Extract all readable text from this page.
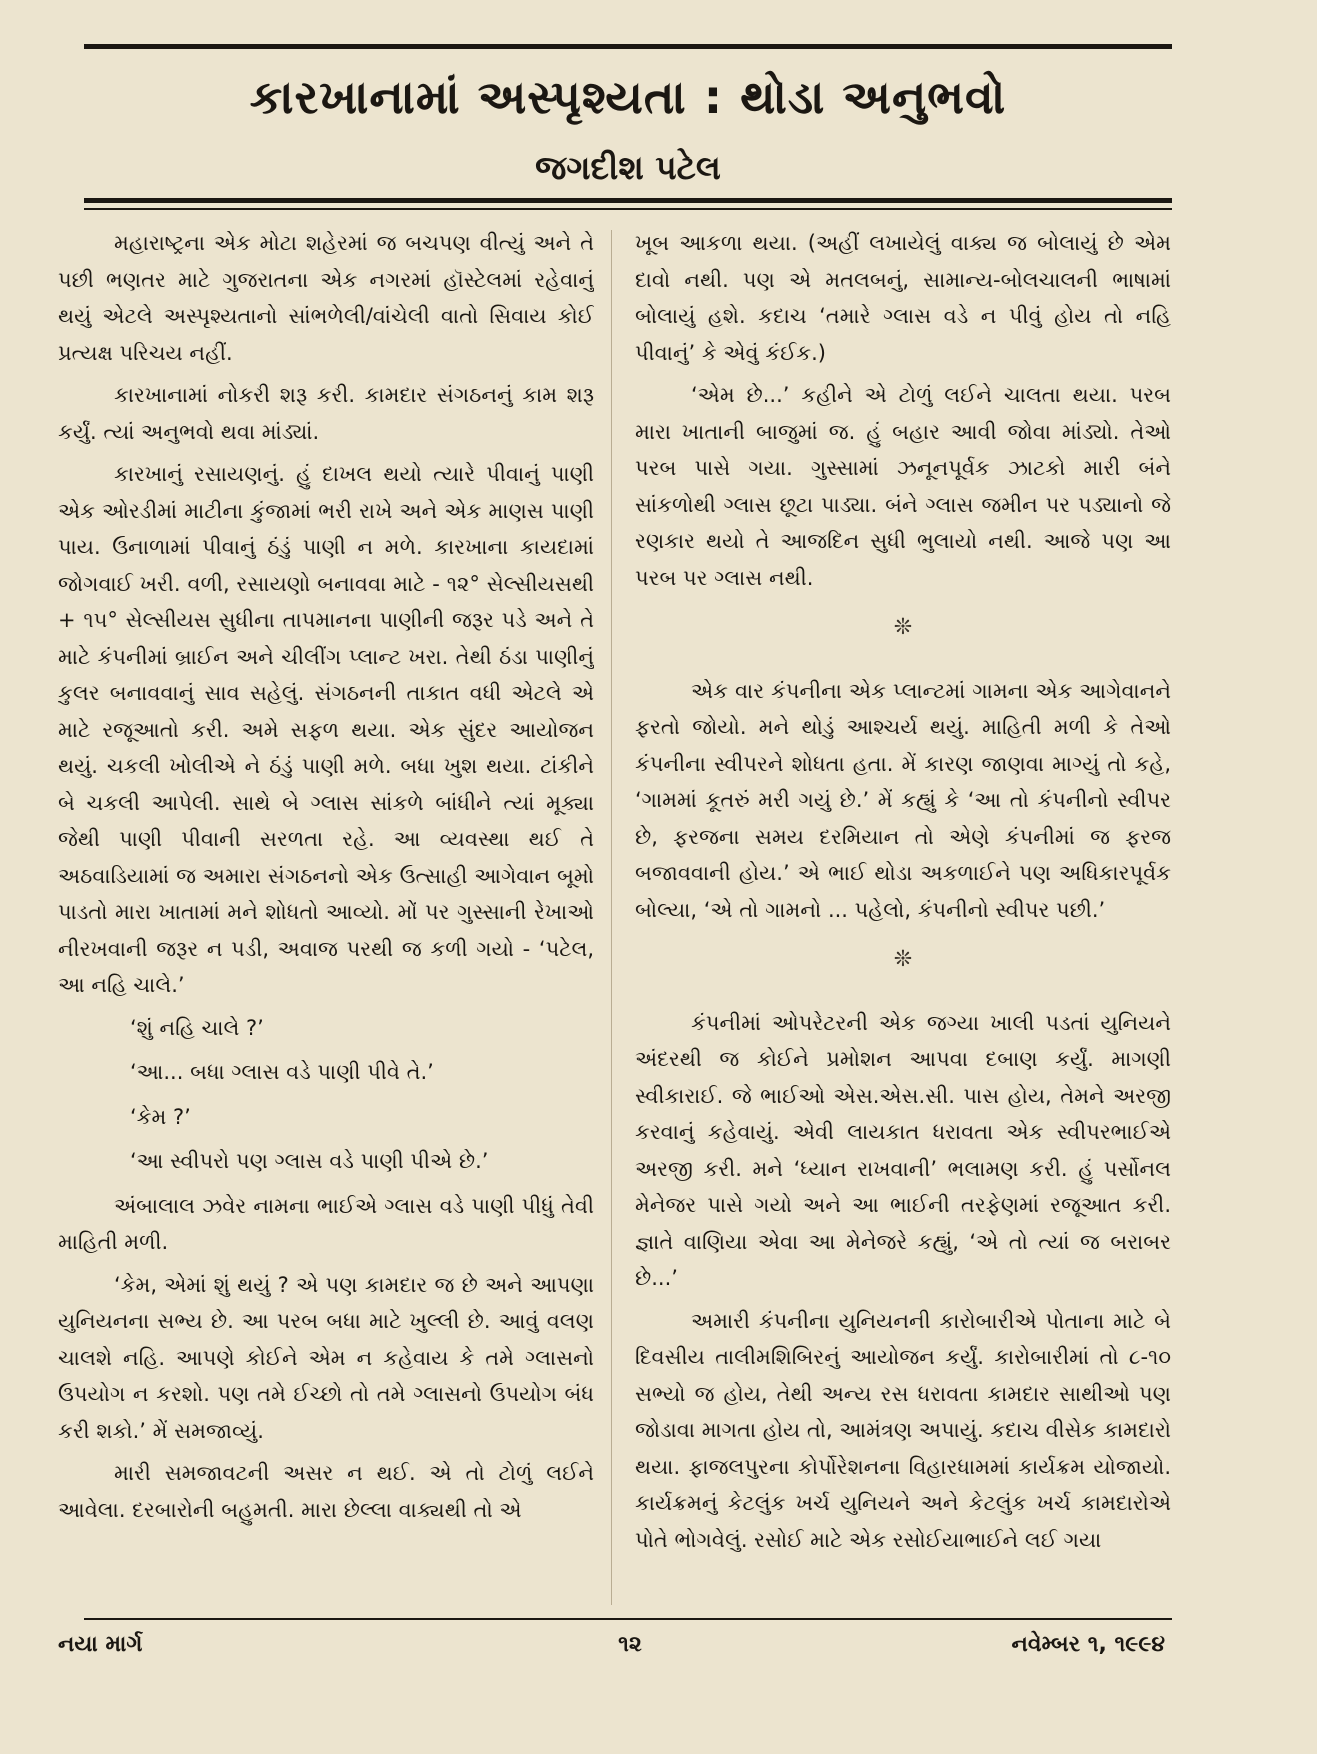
કારખાનામાં અસ્પૃશ્યતા : થોડા અનુભવો
જગદીશ પટેલ

મહારાષ્ટ્રના એક મોટા શહેરમાં જ બચપણ વીત્યું અને તે પછી ભણતર માટે ગુજરાતના એક નગરમાં હૉસ્ટેલમાં રહેવાનું થયું એટલે અસ્પૃશ્યતાનો સાંભળેલી/વાંચેલી વાતો સિવાય કોઈ પ્રત્યક્ષ પરિચય નહીં.

કારખાનામાં નોકરી શરૂ કરી. કામદાર સંગઠનનું કામ શરૂ કર્યું. ત્યાં અનુભવો થવા માંડ્યાં.

કારખાનું રસાયણનું. હું દાખલ થયો ત્યારે પીવાનું પાણી એક ઓરડીમાં માટીના કુંજામાં ભરી રાખે અને એક માણસ પાણી પાય. ઉનાળામાં પીવાનું ઠંડું પાણી ન મળે. કારખાના કાયદામાં જોગવાઈ ખરી. વળી, રસાયણો બનાવવા માટે - ૧૨° સેલ્સીયસથી + ૧૫° સેલ્સીયસ સુધીના તાપમાનના પાણીની જરૂર પડે અને તે માટે કંપનીમાં બ્રાઈન અને ચીલીંગ પ્લાન્ટ ખરા. તેથી ઠંડા પાણીનું કુલર બનાવવાનું સાવ સહેલું. સંગઠનની તાકાત વધી એટલે એ માટે રજૂઆતો કરી. અમે સફળ થયા. એક સુંદર આયોજન થયું. ચકલી ખોલીએ ને ઠંડું પાણી મળે. બધા ખુશ થયા. ટાંકીને બે ચકલી આપેલી. સાથે બે ગ્લાસ સાંકળે બાંધીને ત્યાં મૂક્યા જેથી પાણી પીવાની સરળતા રહે. આ વ્યવસ્થા થઈ તે અઠવાડિયામાં જ અમારા સંગઠનનો એક ઉત્સાહી આગેવાન બૂમો પાડતો મારા ખાતામાં મને શોધતો આવ્યો. મોં પર ગુસ્સાની રેખાઓ નીરખવાની જરૂર ન પડી, અવાજ પરથી જ કળી ગયો - ‘પટેલ, આ નહિ ચાલે.’

‘શું નહિ ચાલે ?’

‘આ... બધા ગ્લાસ વડે પાણી પીવે તે.’

‘કેમ ?’

‘આ સ્વીપરો પણ ગ્લાસ વડે પાણી પીએ છે.’

અંબાલાલ ઝવેર નામના ભાઈએ ગ્લાસ વડે પાણી પીધું તેવી માહિતી મળી.

‘કેમ, એમાં શું થયું ? એ પણ કામદાર જ છે અને આપણા યુનિયનના સભ્ય છે. આ પરબ બધા માટે ખુલ્લી છે. આવું વલણ ચાલશે નહિ. આપણે કોઈને એમ ન કહેવાય કે તમે ગ્લાસનો ઉપયોગ ન કરશો. પણ તમે ઈચ્છો તો તમે ગ્લાસનો ઉપયોગ બંધ કરી શકો.’ મેં સમજાવ્યું.

મારી સમજાવટની અસર ન થઈ. એ તો ટોળું લઈને આવેલા. દરબારોની બહુમતી. મારા છેલ્લા વાક્યથી તો એ

ખૂબ આકળા થયા. (અહીં લખાયેલું વાક્ય જ બોલાયું છે એમ દાવો નથી. પણ એ મતલબનું, સામાન્ય-બોલચાલની ભાષામાં બોલાયું હશે. કદાચ ‘તમારે ગ્લાસ વડે ન પીવું હોય તો નહિ પીવાનું’ કે એવું કંઈક.)

‘એમ છે...’ કહીને એ ટોળું લઈને ચાલતા થયા. પરબ મારા ખાતાની બાજુમાં જ. હું બહાર આવી જોવા માંડ્યો. તેઓ પરબ પાસે ગયા. ગુસ્સામાં ઝનૂનપૂર્વક ઝાટકો મારી બંને સાંકળોથી ગ્લાસ છૂટા પાડ્યા. બંને ગ્લાસ જમીન પર પડ્યાનો જે રણકાર થયો તે આજદિન સુધી ભુલાયો નથી. આજે પણ આ પરબ પર ગ્લાસ નથી.

❊

એક વાર કંપનીના એક પ્લાન્ટમાં ગામના એક આગેવાનને ફરતો જોયો. મને થોડું આશ્ચર્ય થયું. માહિતી મળી કે તેઓ કંપનીના સ્વીપરને શોધતા હતા. મેં કારણ જાણવા માગ્યું તો કહે, ‘ગામમાં કૂતરું મરી ગયું છે.’ મેં કહ્યું કે ‘આ તો કંપનીનો સ્વીપર છે, ફરજના સમય દરમિયાન તો એણે કંપનીમાં જ ફરજ બજાવવાની હોય.’ એ ભાઈ થોડા અકળાઈને પણ અધિકારપૂર્વક બોલ્યા, ‘એ તો ગામનો ... પહેલો, કંપનીનો સ્વીપર પછી.’

❊

કંપનીમાં ઓપરેટરની એક જગ્યા ખાલી પડતાં યુનિયને અંદરથી જ કોઈને પ્રમોશન આપવા દબાણ કર્યું. માગણી સ્વીકારાઈ. જે ભાઈઓ એસ.એસ.સી. પાસ હોય, તેમને અરજી કરવાનું કહેવાયું. એવી લાયકાત ધરાવતા એક સ્વીપરભાઈએ અરજી કરી. મને ‘ધ્યાન રાખવાની’ ભલામણ કરી. હું પર્સોનલ મેનેજર પાસે ગયો અને આ ભાઈની તરફેણમાં રજૂઆત કરી. જ્ઞાતે વાણિયા એવા આ મેનેજરે કહ્યું, ‘એ તો ત્યાં જ બરાબર છે...’

અમારી કંપનીના યુનિયનની કારોબારીએ પોતાના માટે બે દિવસીય તાલીમશિબિરનું આયોજન કર્યું. કારોબારીમાં તો ૮-૧૦ સભ્યો જ હોય, તેથી અન્ય રસ ધરાવતા કામદાર સાથીઓ પણ જોડાવા માગતા હોય તો, આમંત્રણ અપાયું. કદાચ વીસેક કામદારો થયા. ફાજલપુરના કોર્પોરેશનના વિહારધામમાં કાર્યક્રમ યોજાયો. કાર્યક્રમનું કેટલુંક ખર્ચ યુનિયને અને કેટલુંક ખર્ચ કામદારોએ પોતે ભોગવેલું. રસોઈ માટે એક રસોઈયાભાઈને લઈ ગયા

નયા માર્ગ	૧૨	નવેમ્બર ૧, ૧૯૯૪
